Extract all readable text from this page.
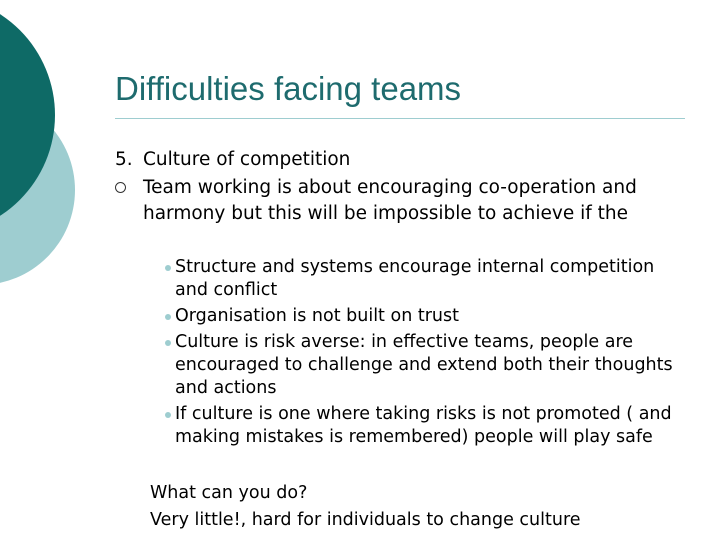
Difficulties facing teams
5. Culture of competition
Team working is about encouraging co-operation and harmony but this will be impossible to achieve if the
Structure and systems encourage internal competition and conflict
Organisation is not built on trust
Culture is risk averse: in effective teams, people are encouraged to challenge and extend both their thoughts and actions
If culture is one where taking risks is not promoted ( and making mistakes is remembered) people will play safe
What can you do?
Very little!, hard for individuals to change culture
